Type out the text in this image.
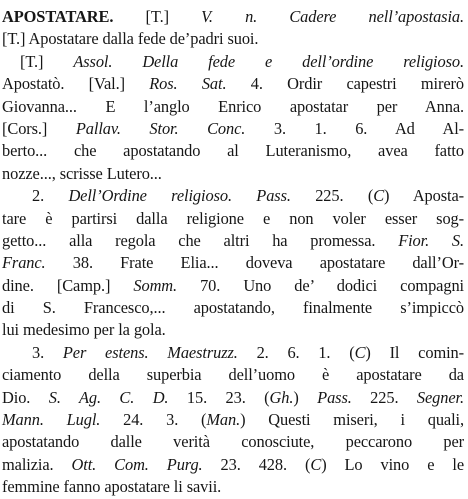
APOSTATARE. [T.] V. n. Cadere nell’apostasia.
[T.] Apostatare dalla fede de’padri suoi.
[T.] Assol. Della fede e dell’ordine religioso.
Apostatò. [Val.] Ros. Sat. 4. Ordir capestri mirerò
Giovanna... E l’anglo Enrico apostatar per Anna.
[Cors.] Pallav. Stor. Conc. 3. 1. 6. Ad Al-
berto... che apostatando al Luteranismo, avea fatto
nozze..., scrisse Lutero...
2. Dell’Ordine religioso. Pass. 225. (C) Aposta-
tare è partirsi dalla religione e non voler esser sog-
getto... alla regola che altri ha promessa. Fior. S.
Franc. 38. Frate Elia... doveva apostatare dall’Or-
dine. [Camp.] Somm. 70. Uno de’ dodici compagni
di S. Francesco,... apostatando, finalmente s’impiccò
lui medesimo per la gola.
3. Per estens. Maestruzz. 2. 6. 1. (C) Il comin-
ciamento della superbia dell’uomo è apostatare da
Dio. S. Ag. C. D. 15. 23. (Gh.) Pass. 225. Segner.
Mann. Lugl. 24. 3. (Man.) Questi miseri, i quali,
apostatando dalle verità conosciute, peccarono per
malizia. Ott. Com. Purg. 23. 428. (C) Lo vino e le
femmine fanno apostatare li savii.
